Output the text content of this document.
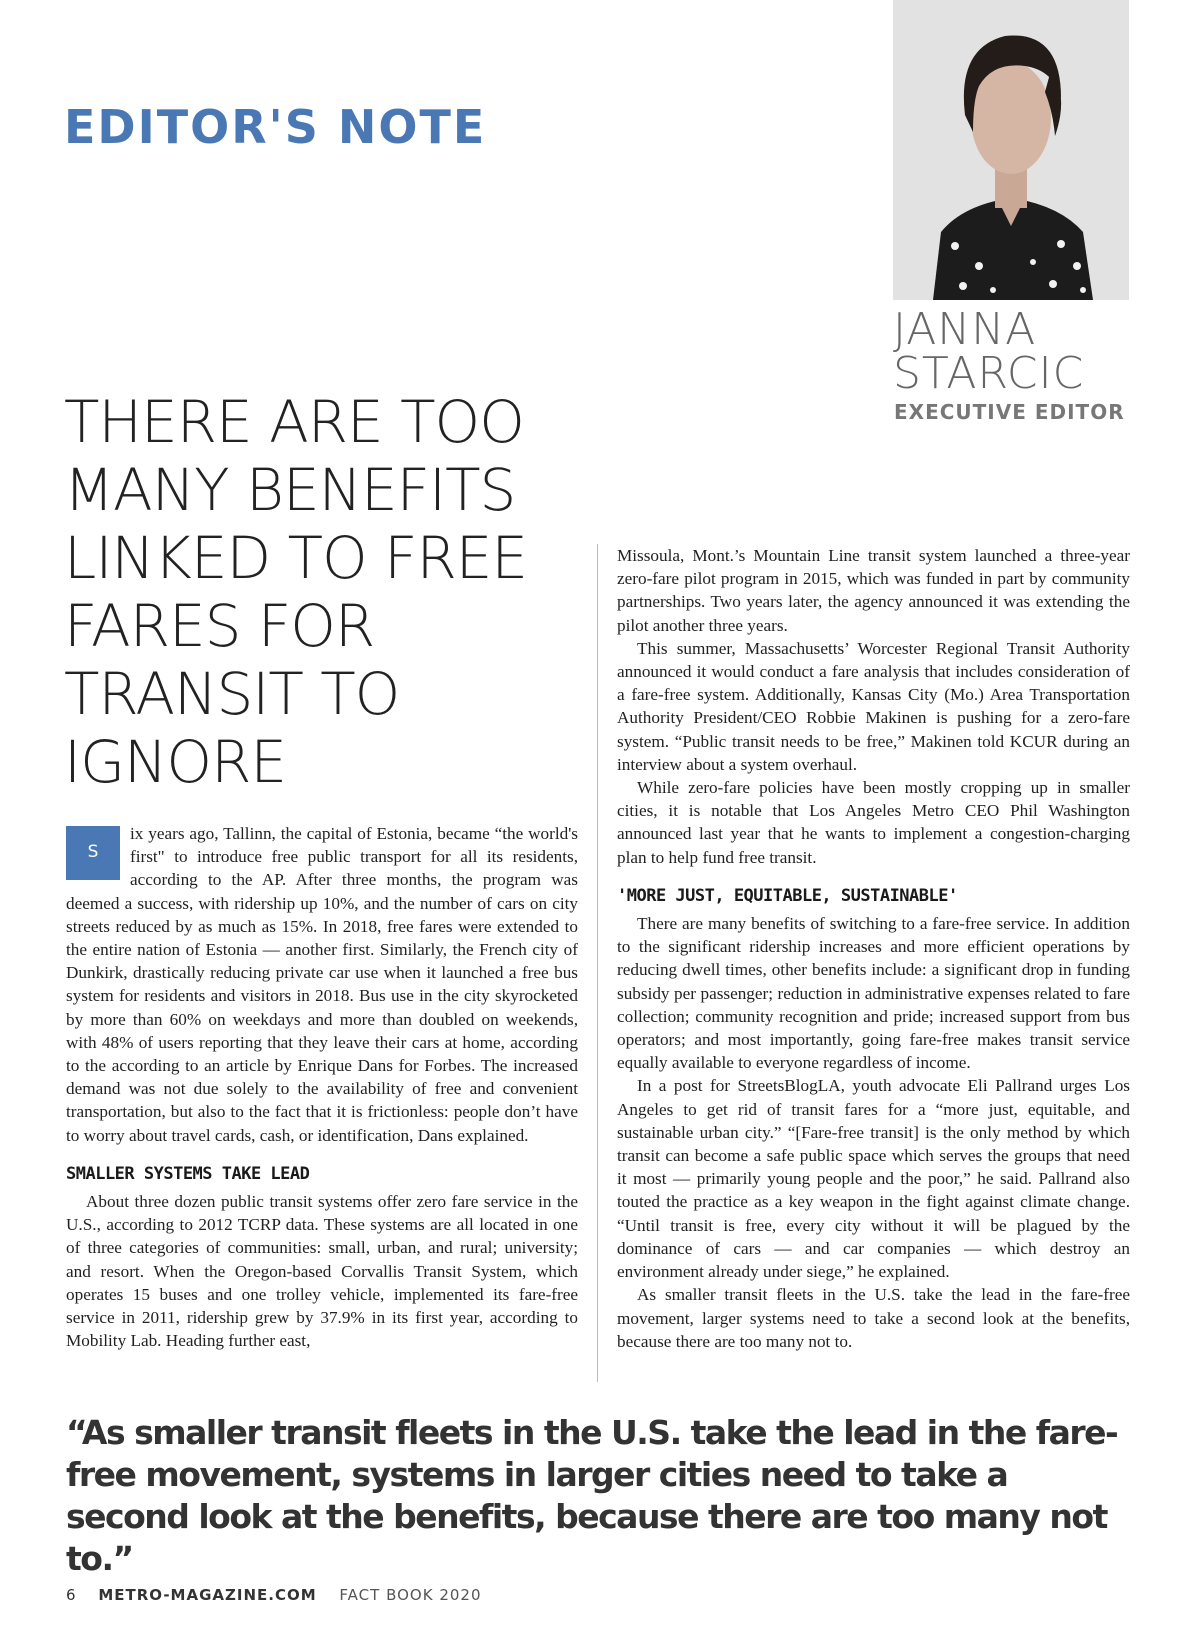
EDITOR'S NOTE

JANNA

STARCIC

EXECUTIVE EDITOR

THERE ARE TOO MANY BENEFITS LINKED TO FREE FARES FOR TRANSIT TO IGNORE
S

ix years ago, Tallinn, the capital of Estonia, became “the world's first" to introduce free public transport for all its residents, according to the AP. After three months, the program was deemed a success, with ridership up 10%, and the number of cars on city streets reduced by as much as 15%. In 2018, free fares were extended to the entire nation of Estonia — another first. Similarly, the French city of Dunkirk, drastically reducing private car use when it launched a free bus system for residents and visitors in 2018. Bus use in the city skyrocketed by more than 60% on weekdays and more than doubled on weekends, with 48% of users reporting that they leave their cars at home, according to the according to an article by Enrique Dans for Forbes. The increased demand was not due solely to the availability of free and convenient transportation, but also to the fact that it is frictionless: people don’t have to worry about travel cards, cash, or identification, Dans explained.

SMALLER SYSTEMS TAKE LEAD

About three dozen public transit systems offer zero fare service in the U.S., according to 2012 TCRP data. These systems are all located in one of three categories of communities: small, urban, and rural; university; and resort. When the Oregon-based Corvallis Transit System, which operates 15 buses and one trolley vehicle, implemented its fare-free service in 2011, ridership grew by 37.9% in its first year, according to Mobility Lab. Heading further east,

Missoula, Mont.’s Mountain Line transit system launched a three-year zero-fare pilot program in 2015, which was funded in part by community partnerships. Two years later, the agency announced it was extending the pilot another three years.

This summer, Massachusetts’ Worcester Regional Transit Authority announced it would conduct a fare analysis that includes consideration of a fare-free system. Additionally, Kansas City (Mo.) Area Transportation Authority President/CEO Robbie Makinen is pushing for a zero-fare system. “Public transit needs to be free,” Makinen told KCUR during an interview about a system overhaul.

While zero-fare policies have been mostly cropping up in smaller cities, it is notable that Los Angeles Metro CEO Phil Washington announced last year that he wants to implement a congestion-charging plan to help fund free transit.

'MORE JUST, EQUITABLE, SUSTAINABLE'

There are many benefits of switching to a fare-free service. In addition to the significant ridership increases and more efficient operations by reducing dwell times, other benefits include: a significant drop in funding subsidy per passenger; reduction in administrative expenses related to fare collection; community recognition and pride; increased support from bus operators; and most importantly, going fare-free makes transit service equally available to everyone regardless of income.

In a post for StreetsBlogLA, youth advocate Eli Pallrand urges Los Angeles to get rid of transit fares for a “more just, equitable, and sustainable urban city.” “[Fare-free transit] is the only method by which transit can become a safe public space which serves the groups that need it most — primarily young people and the poor,” he said. Pallrand also touted the practice as a key weapon in the fight against climate change. “Until transit is free, every city without it will be plagued by the dominance of cars — and car companies — which destroy an environment already under siege,” he explained.

As smaller transit fleets in the U.S. take the lead in the fare-free movement, larger systems need to take a second look at the benefits, because there are too many not to.

“As smaller transit fleets in the U.S. take the lead in the fare-free movement, systems in larger cities need to take a second look at the benefits, because there are too many not to.”

6 METRO-MAGAZINE.COM FACT BOOK 2020
